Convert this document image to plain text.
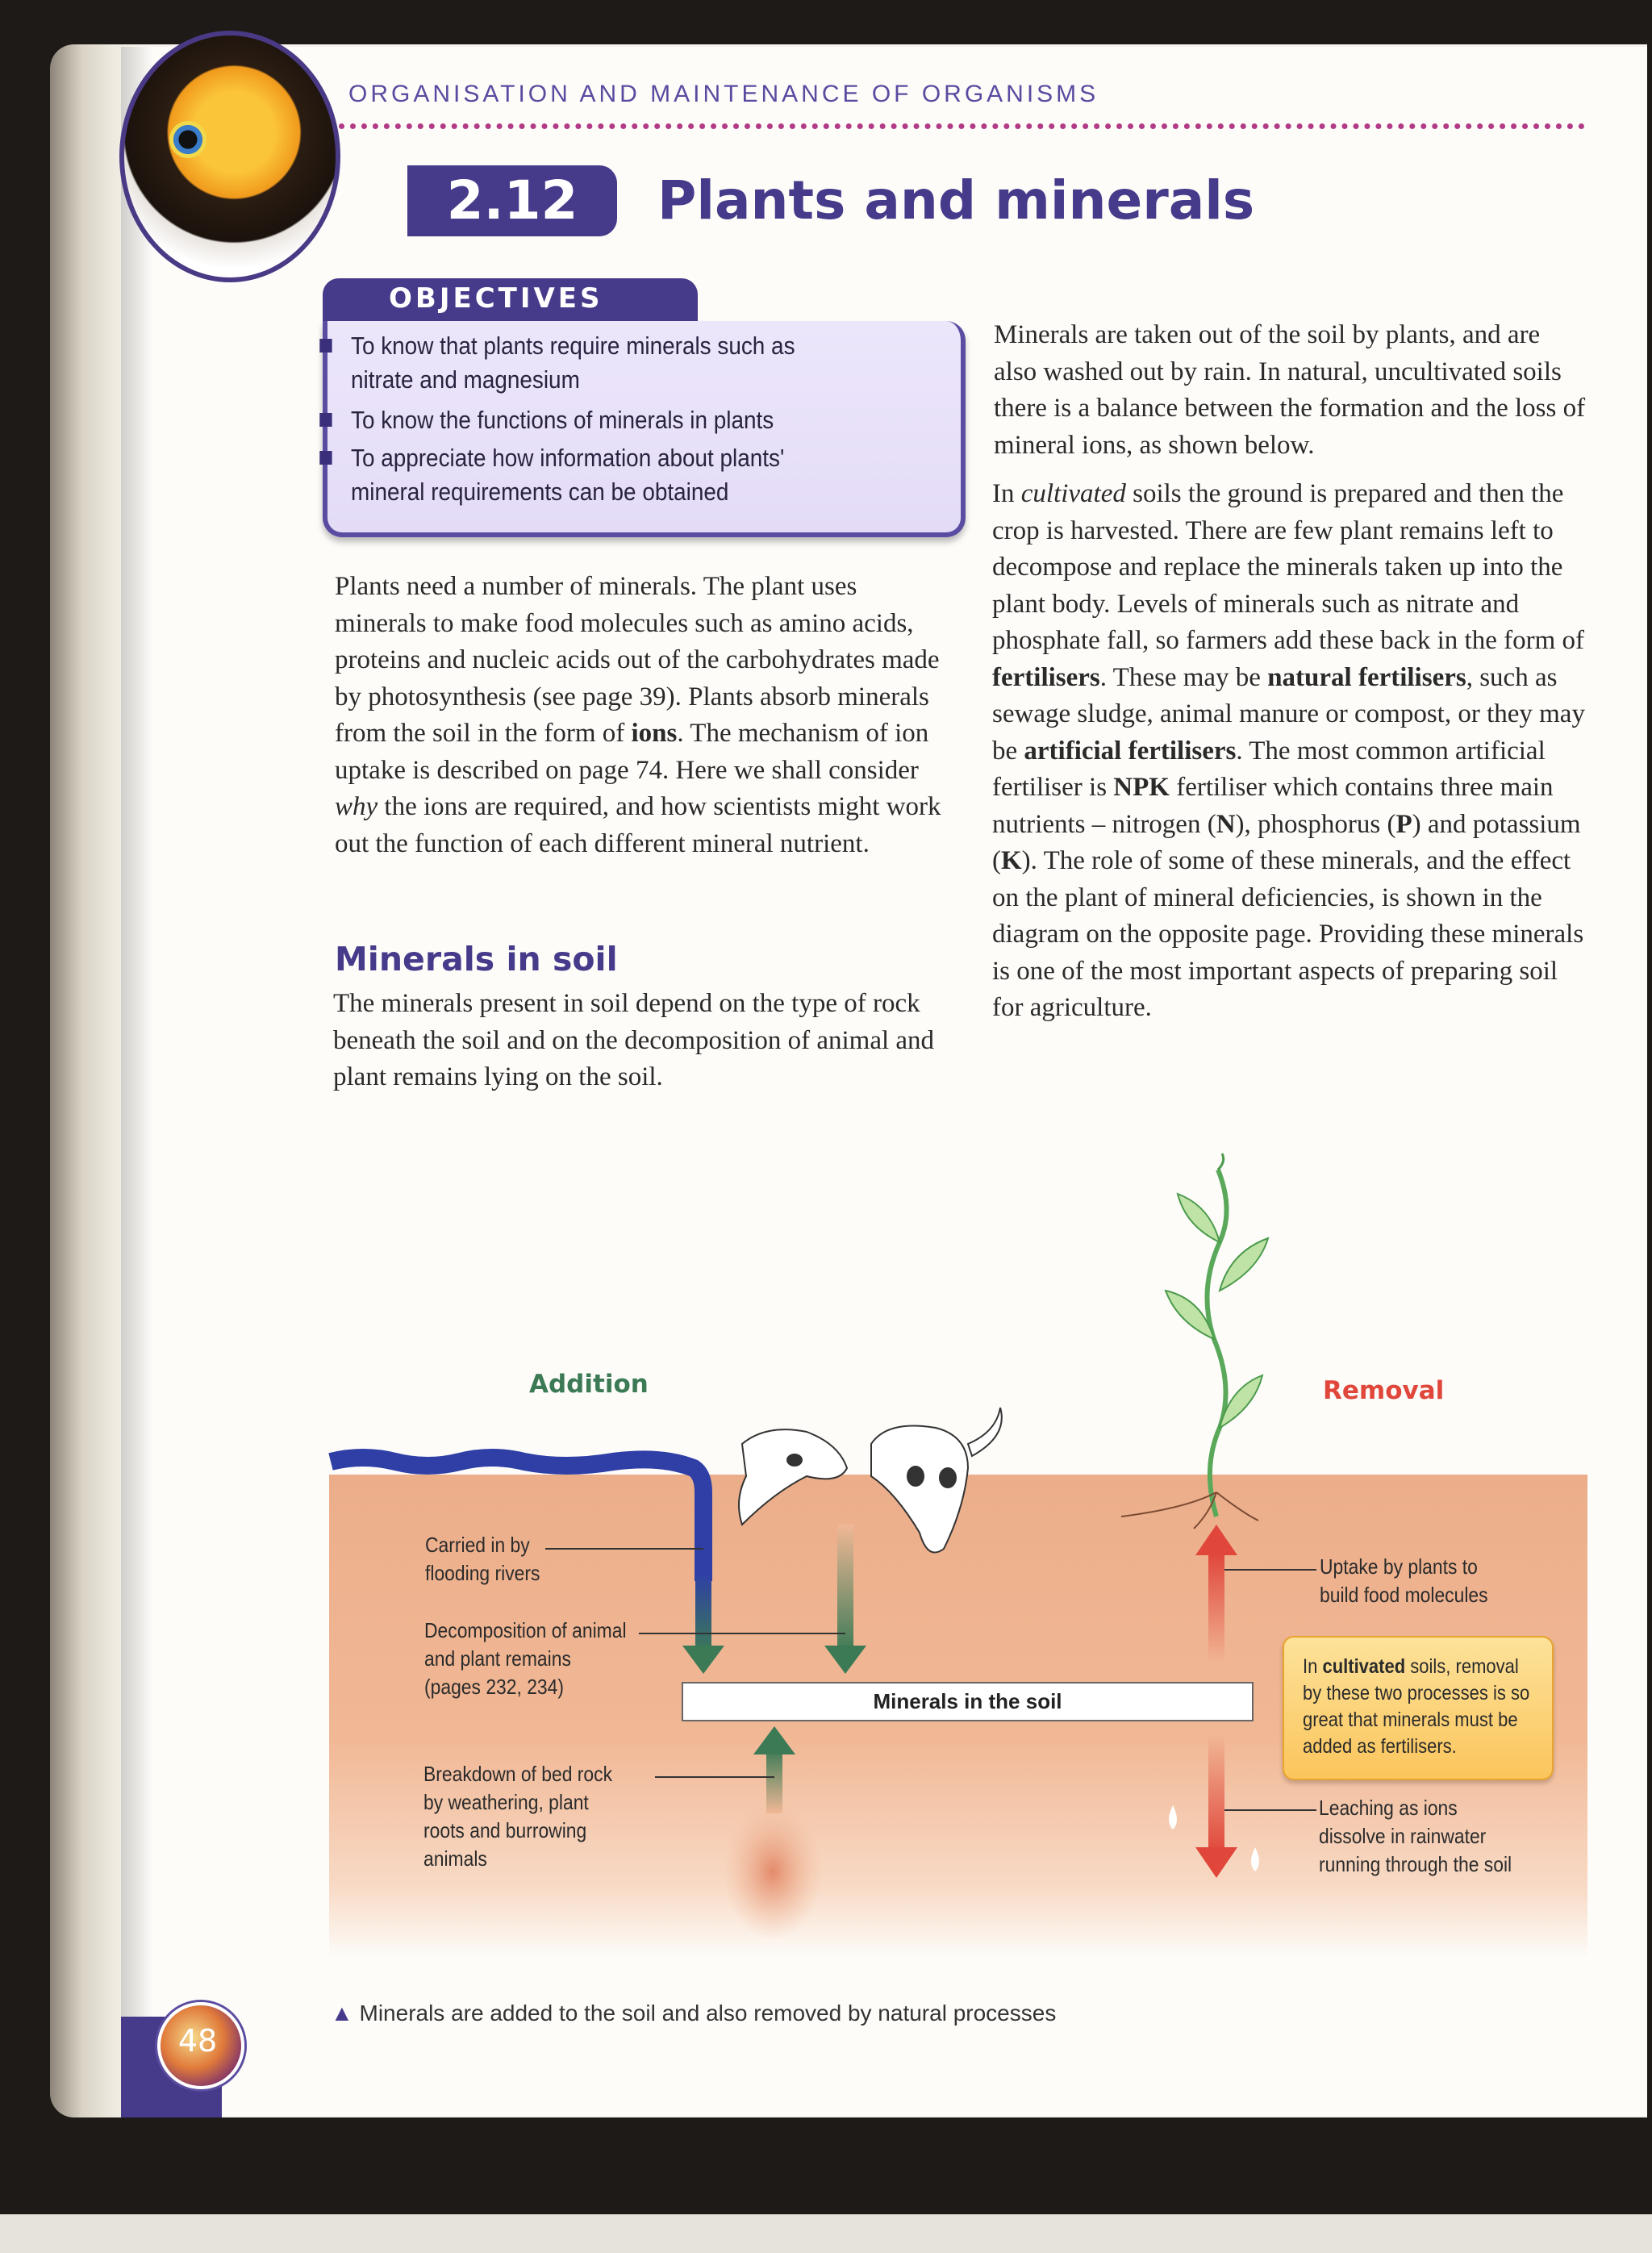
ORGANISATION AND MAINTENANCE OF ORGANISMS
2.12	Plants and minerals
OBJECTIVES
To know that plants require minerals such as nitrate and magnesium
To know the functions of minerals in plants
To appreciate how information about plants' mineral requirements can be obtained
Plants need a number of minerals. The plant uses minerals to make food molecules such as amino acids, proteins and nucleic acids out of the carbohydrates made by photosynthesis (see page 39). Plants absorb minerals from the soil in the form of ions. The mechanism of ion uptake is described on page 74. Here we shall consider why the ions are required, and how scientists might work out the function of each different mineral nutrient.
Minerals in soil
The minerals present in soil depend on the type of rock beneath the soil and on the decomposition of animal and plant remains lying on the soil.
Minerals are taken out of the soil by plants, and are also washed out by rain. In natural, uncultivated soils there is a balance between the formation and the loss of mineral ions, as shown below.
In cultivated soils the ground is prepared and then the crop is harvested. There are few plant remains left to decompose and replace the minerals taken up into the plant body. Levels of minerals such as nitrate and phosphate fall, so farmers add these back in the form of fertilisers. These may be natural fertilisers, such as sewage sludge, animal manure or compost, or they may be artificial fertilisers. The most common artificial fertiliser is NPK fertiliser which contains three main nutrients – nitrogen (N), phosphorus (P) and potassium (K). The role of some of these minerals, and the effect on the plant of mineral deficiencies, is shown in the diagram on the opposite page. Providing these minerals is one of the most important aspects of preparing soil for agriculture.
Addition	Removal
Carried in by flooding rivers
Decomposition of animal and plant remains (pages 232, 234)
Breakdown of bed rock by weathering, plant roots and burrowing animals
Minerals in the soil
Uptake by plants to build food molecules
In cultivated soils, removal by these two processes is so great that minerals must be added as fertilisers.
Leaching as ions dissolve in rainwater running through the soil
▲ Minerals are added to the soil and also removed by natural processes
48
